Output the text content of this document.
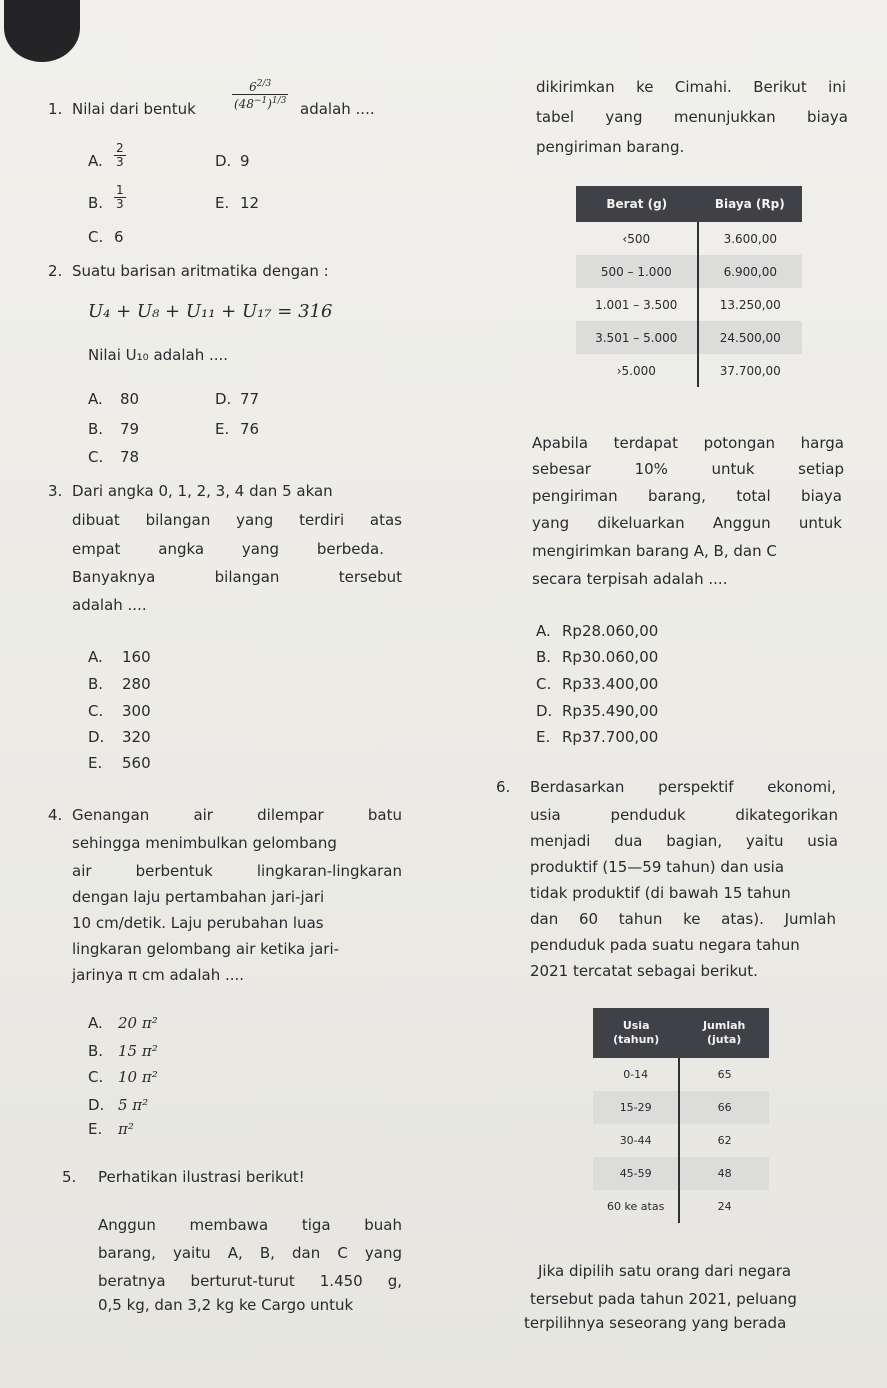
1. Nilai dari bentuk	$\frac{6^{2/3}}{(48^{-1})^{1/3}}$ adalah ....
A. $\frac{2}{3}$	D. 9
B. $\frac{1}{3}$	E. 12
C. 6
2. Suatu barisan aritmatika dengan :
U₄ + U₈ + U₁₁ + U₁₇ = 316
Nilai U₁₀ adalah ....
A. 80	D. 77
B. 79	E. 76
C. 78
3. Dari angka 0, 1, 2, 3, 4 dan 5 akan
dibuat bilangan yang terdiri atas
empat angka yang berbeda.
Banyaknya bilangan tersebut
adalah ....
A. 160
B. 280
C. 300
D. 320
E. 560
4. Genangan air dilempar batu
sehingga menimbulkan gelombang
air berbentuk lingkaran-lingkaran
dengan laju pertambahan jari-jari
10 cm/detik. Laju perubahan luas
lingkaran gelombang air ketika jari-
jarinya π cm adalah ....
A. 20 π²
B. 15 π²
C. 10 π²
D. 5 π²
E. π²
5. Perhatikan ilustrasi berikut!
Anggun membawa tiga buah
barang, yaitu A, B, dan C yang
beratnya berturut-turut 1.450 g,
0,5 kg, dan 3,2 kg ke Cargo untuk
dikirimkan ke Cimahi. Berikut ini
tabel yang menunjukkan biaya
pengiriman barang.
Berat (g)	Biaya (Rp)
‹500	3.600,00
500 – 1.000	6.900,00
1.001 – 3.500	13.250,00
3.501 – 5.000	24.500,00
›5.000	37.700,00
Apabila terdapat potongan harga
sebesar 10% untuk setiap
pengiriman barang, total biaya
yang dikeluarkan Anggun untuk
mengirimkan barang A, B, dan C
secara terpisah adalah ....
A. Rp28.060,00
B. Rp30.060,00
C. Rp33.400,00
D. Rp35.490,00
E. Rp37.700,00
6. Berdasarkan perspektif ekonomi,
usia penduduk dikategorikan
menjadi dua bagian, yaitu usia
produktif (15—59 tahun) dan usia
tidak produktif (di bawah 15 tahun
dan 60 tahun ke atas). Jumlah
penduduk pada suatu negara tahun
2021 tercatat sebagai berikut.
Usia (tahun)	Jumlah (juta)
0-14	65
15-29	66
30-44	62
45-59	48
60 ke atas	24
Jika dipilih satu orang dari negara
tersebut pada tahun 2021, peluang
terpilihnya seseorang yang berada
